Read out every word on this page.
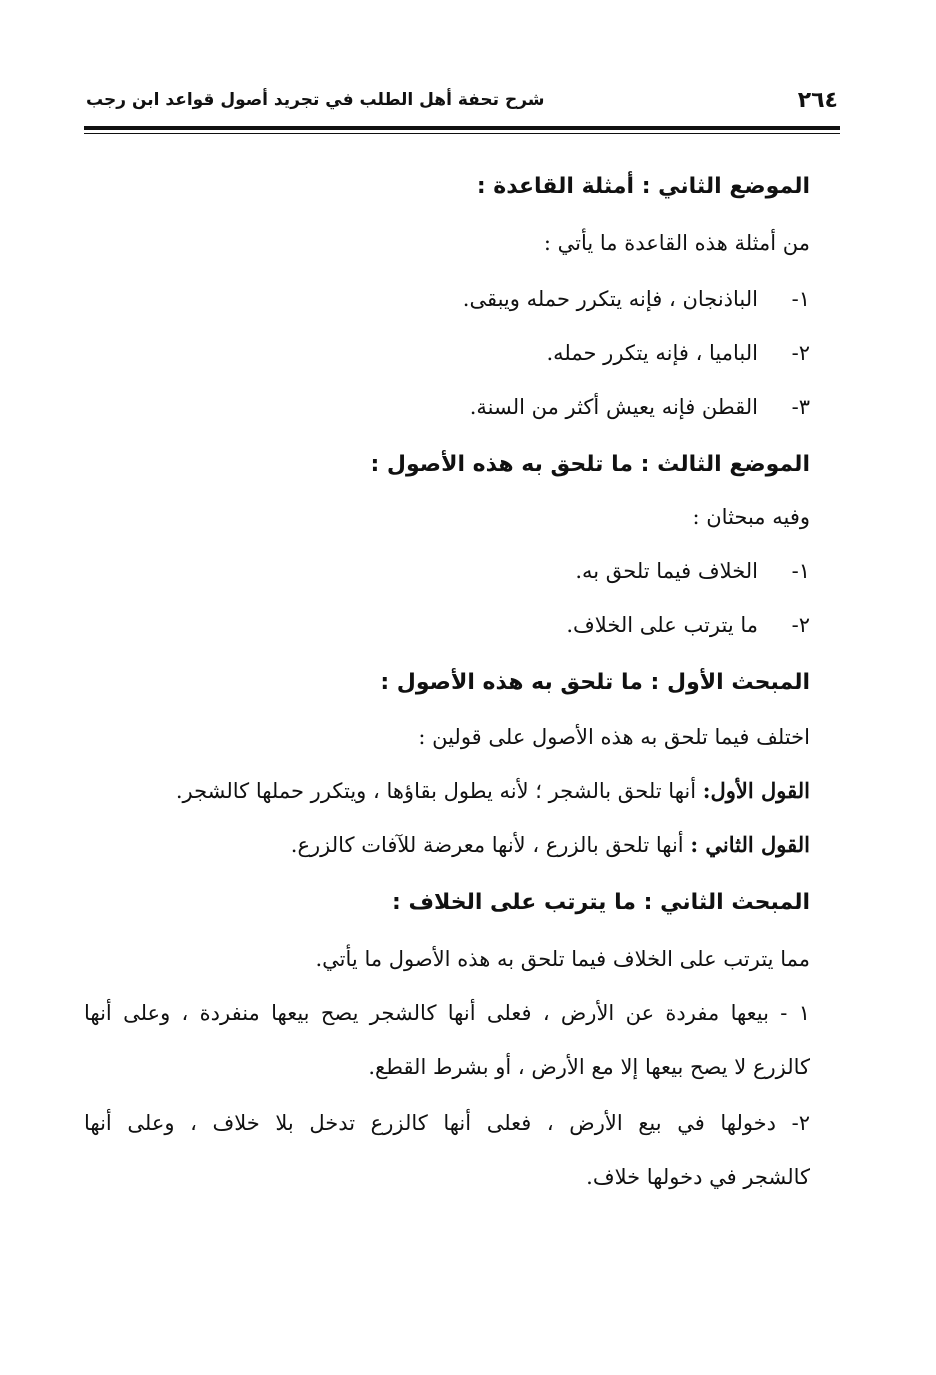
٢٦٤
شرح تحفة أهل الطلب في تجريد أصول قواعد ابن رجب
الموضع الثاني : أمثلة القاعدة :
من أمثلة هذه القاعدة ما يأتي :
١-الباذنجان ، فإنه يتكرر حمله ويبقى.
٢-الباميا ، فإنه يتكرر حمله.
٣-القطن فإنه يعيش أكثر من السنة.
الموضع الثالث : ما تلحق به هذه الأصول :
وفيه مبحثان :
١-الخلاف فيما تلحق به.
٢-ما يترتب على الخلاف.
المبحث الأول : ما تلحق به هذه الأصول :
اختلف فيما تلحق به هذه الأصول على قولين :
القول الأول: أنها تلحق بالشجر ؛ لأنه يطول بقاؤها ، ويتكرر حملها كالشجر.
القول الثاني : أنها تلحق بالزرع ، لأنها معرضة للآفات كالزرع.
المبحث الثاني : ما يترتب على الخلاف :
مما يترتب على الخلاف فيما تلحق به هذه الأصول ما يأتي.
١ - بيعها مفردة عن الأرض ، فعلى أنها كالشجر يصح بيعها منفردة ، وعلى أنها
كالزرع لا يصح بيعها إلا مع الأرض ، أو بشرط القطع.
٢- دخولها في بيع الأرض ، فعلى أنها كالزرع تدخل بلا خلاف ، وعلى أنها
كالشجر في دخولها خلاف.
